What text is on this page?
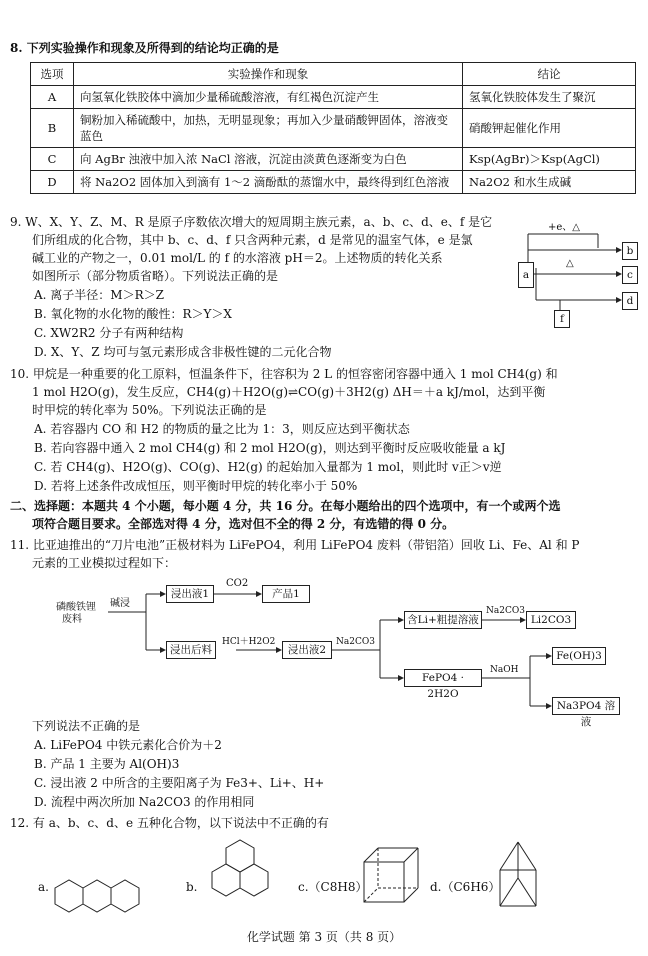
8. 下列实验操作和现象及所得到的结论均正确的是
选项	实验操作和现象	结论
A	向氢氧化铁胶体中滴加少量稀硫酸溶液，有红褐色沉淀产生	氢氧化铁胶体发生了聚沉
B	铜粉加入稀硫酸中，加热，无明显现象；再加入少量硝酸钾固体，溶液变蓝色	硝酸钾起催化作用
C	向 AgBr 浊液中加入浓 NaCl 溶液，沉淀由淡黄色逐渐变为白色	Ksp(AgBr)＞Ksp(AgCl)
D	将 Na2O2 固体加入到滴有 1～2 滴酚酞的蒸馏水中，最终得到红色溶液	Na2O2 和水生成碱
9. W、X、Y、Z、M、R 是原子序数依次增大的短周期主族元素，a、b、c、d、e、f 是它
们所组成的化合物，其中 b、c、d、f 只含两种元素，d 是常见的温室气体，e 是氯
碱工业的产物之一，0.01 mol/L 的 f 的水溶液 pH＝2。上述物质的转化关系
如图所示（部分物质省略）。下列说法正确的是
A. 离子半径：M＞R＞Z
B. 氧化物的水化物的酸性：R＞Y＞X
C. XW2R2 分子有两种结构
D. X、Y、Z 均可与氢元素形成含非极性键的二元化合物
a
b
c
d
f
+e、△
△
10. 甲烷是一种重要的化工原料，恒温条件下，往容积为 2 L 的恒容密闭容器中通入 1 mol CH4(g) 和
1 mol H2O(g)，发生反应，CH4(g)＋H2O(g)⇌CO(g)＋3H2(g) ΔH＝＋a kJ/mol，达到平衡
时甲烷的转化率为 50%。下列说法正确的是
A. 若容器内 CO 和 H2 的物质的量之比为 1：3，则反应达到平衡状态
B. 若向容器中通入 2 mol CH4(g) 和 2 mol H2O(g)，则达到平衡时反应吸收能量 a kJ
C. 若 CH4(g)、H2O(g)、CO(g)、H2(g) 的起始加入量都为 1 mol，则此时 v正＞v逆
D. 若将上述条件改成恒压，则平衡时甲烷的转化率小于 50%
二、选择题：本题共 4 个小题，每小题 4 分，共 16 分。在每小题给出的四个选项中，有一个或两个选
项符合题目要求。全部选对得 4 分，选对但不全的得 2 分，有选错的得 0 分。
11. 比亚迪推出的“刀片电池”正极材料为 LiFePO4，利用 LiFePO4 废料（带铝箔）回收 Li、Fe、Al 和 P
元素的工业模拟过程如下：
磷酸铁锂
废料
碱浸
浸出液1
CO2
产品1
浸出后料
HCl＋H2O2
浸出液2
Na2CO3
含Li+粗提溶液
Na2CO3
Li2CO3
FePO4 · 2H2O
NaOH
Fe(OH)3
Na3PO4 溶液
下列说法不正确的是
A. LiFePO4 中铁元素化合价为＋2
B. 产品 1 主要为 Al(OH)3
C. 浸出液 2 中所含的主要阳离子为 Fe3+、Li+、H+
D. 流程中两次所加 Na2CO3 的作用相同
12. 有 a、b、c、d、e 五种化合物，以下说法中不正确的有
a.	b.	c.（C8H8）	d.（C6H6）
化学试题 第 3 页（共 8 页）
